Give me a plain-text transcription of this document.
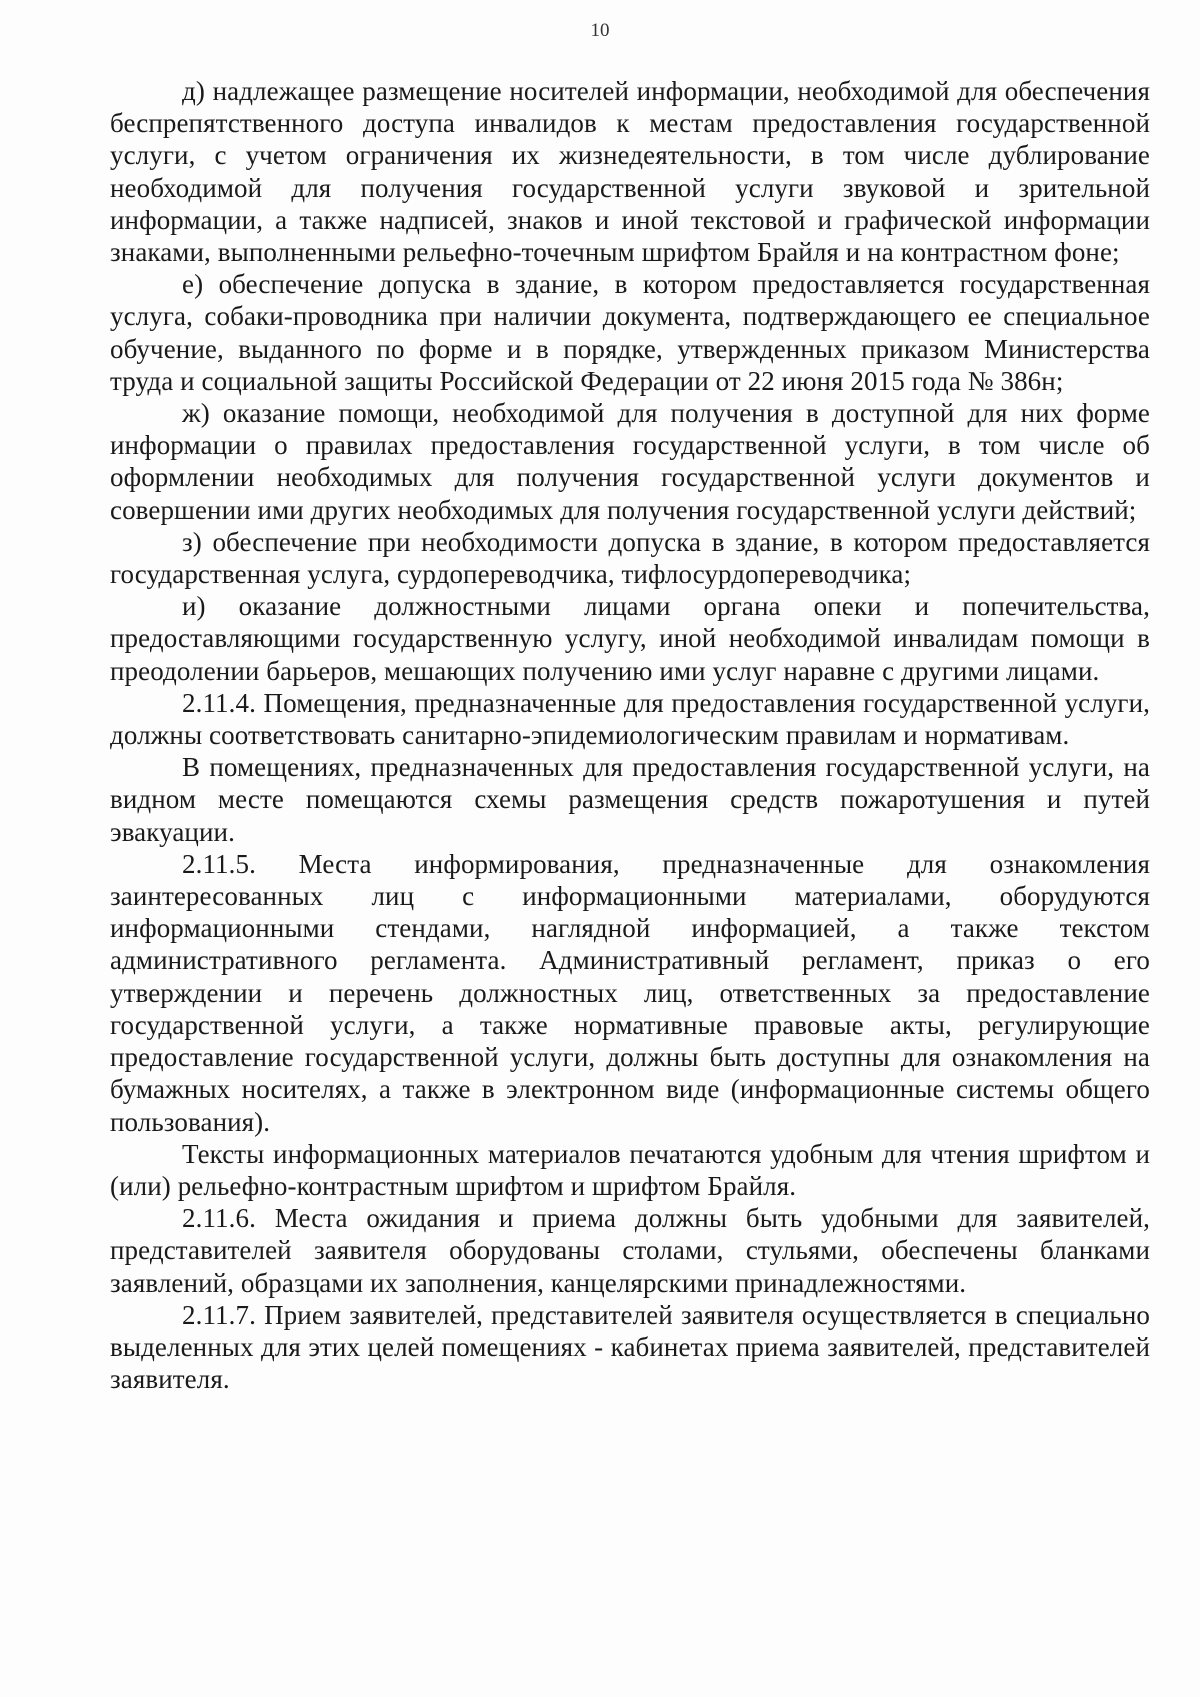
10

д) надлежащее размещение носителей информации, необходимой для обеспечения беспрепятственного доступа инвалидов к местам предоставления государственной услуги, с учетом ограничения их жизнедеятельности, в том числе дублирование необходимой для получения государственной услуги звуковой и зрительной информации, а также надписей, знаков и иной текстовой и графической информации знаками, выполненными рельефно-точечным шрифтом Брайля и на контрастном фоне;

е) обеспечение допуска в здание, в котором предоставляется государственная услуга, собаки-проводника при наличии документа, подтверждающего ее специальное обучение, выданного по форме и в порядке, утвержденных приказом Министерства труда и социальной защиты Российской Федерации от 22 июня 2015 года № 386н;

ж) оказание помощи, необходимой для получения в доступной для них форме информации о правилах предоставления государственной услуги, в том числе об оформлении необходимых для получения государственной услуги документов и совершении ими других необходимых для получения государственной услуги действий;

з) обеспечение при необходимости допуска в здание, в котором предоставляется государственная услуга, сурдопереводчика, тифлосурдопереводчика;

и) оказание должностными лицами органа опеки и попечительства, предоставляющими государственную услугу, иной необходимой инвалидам помощи в преодолении барьеров, мешающих получению ими услуг наравне с другими лицами.

2.11.4. Помещения, предназначенные для предоставления государственной услуги, должны соответствовать санитарно-эпидемиологическим правилам и нормативам.

В помещениях, предназначенных для предоставления государственной услуги, на видном месте помещаются схемы размещения средств пожаротушения и путей эвакуации.

2.11.5. Места информирования, предназначенные для ознакомления заинтересованных лиц с информационными материалами, оборудуются информационными стендами, наглядной информацией, а также текстом административного регламента. Административный регламент, приказ о его утверждении и перечень должностных лиц, ответственных за предоставление государственной услуги, а также нормативные правовые акты, регулирующие предоставление государственной услуги, должны быть доступны для ознакомления на бумажных носителях, а также в электронном виде (информационные системы общего пользования).

Тексты информационных материалов печатаются удобным для чтения шрифтом и (или) рельефно-контрастным шрифтом и шрифтом Брайля.

2.11.6. Места ожидания и приема должны быть удобными для заявителей, представителей заявителя оборудованы столами, стульями, обеспечены бланками заявлений, образцами их заполнения, канцелярскими принадлежностями.

2.11.7. Прием заявителей, представителей заявителя осуществляется в специально выделенных для этих целей помещениях - кабинетах приема заявителей, представителей заявителя.
